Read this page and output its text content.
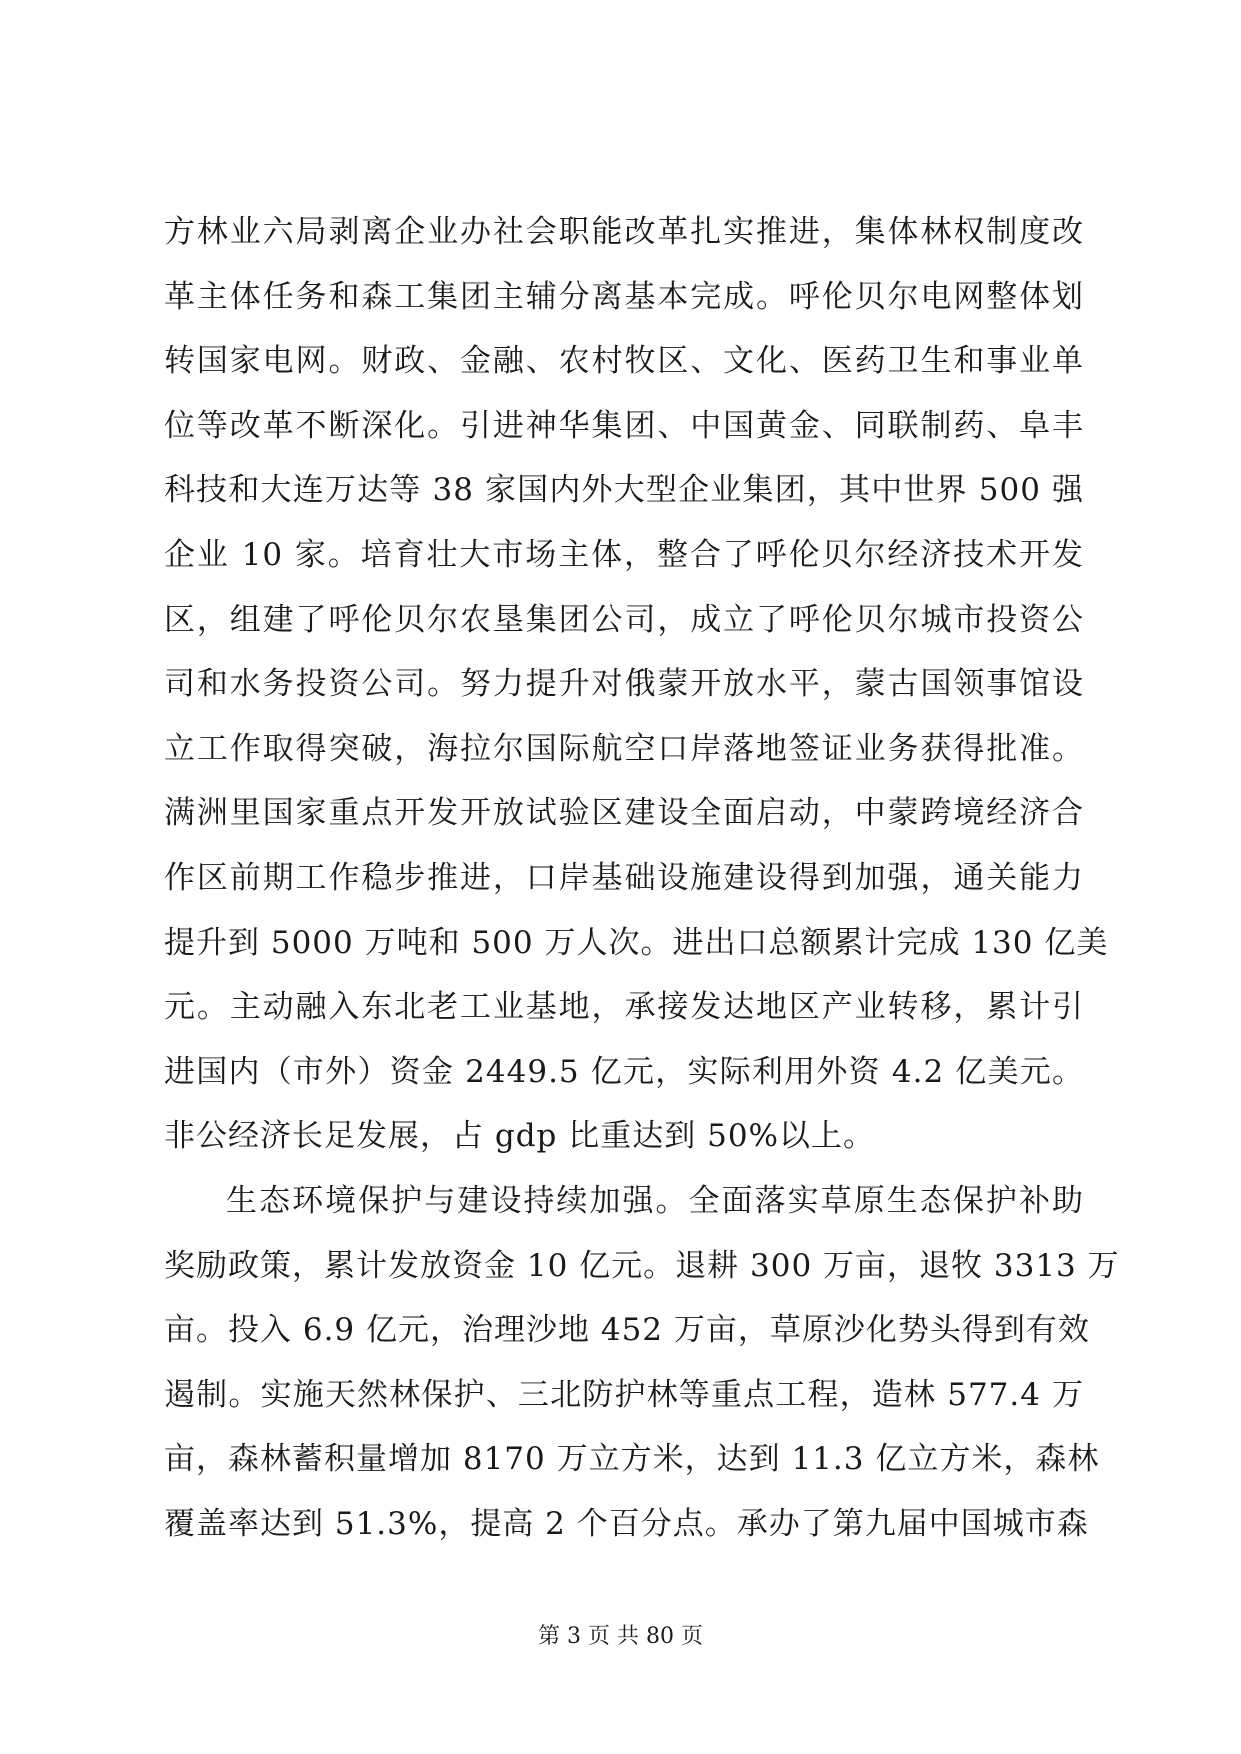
方林业六局剥离企业办社会职能改革扎实推进，集体林权制度改
革主体任务和森工集团主辅分离基本完成。呼伦贝尔电网整体划
转国家电网。财政、金融、农村牧区、文化、医药卫生和事业单
位等改革不断深化。引进神华集团、中国黄金、同联制药、阜丰
科技和大连万达等 38 家国内外大型企业集团，其中世界 500 强
企业 10 家。培育壮大市场主体，整合了呼伦贝尔经济技术开发
区，组建了呼伦贝尔农垦集团公司，成立了呼伦贝尔城市投资公
司和水务投资公司。努力提升对俄蒙开放水平，蒙古国领事馆设
立工作取得突破，海拉尔国际航空口岸落地签证业务获得批准。
满洲里国家重点开发开放试验区建设全面启动，中蒙跨境经济合
作区前期工作稳步推进，口岸基础设施建设得到加强，通关能力
提升到 5000 万吨和 500 万人次。进出口总额累计完成 130 亿美
元。主动融入东北老工业基地，承接发达地区产业转移，累计引
进国内（市外）资金 2449.5 亿元，实际利用外资 4.2 亿美元。
非公经济长足发展，占 gdp 比重达到 50%以上。
生态环境保护与建设持续加强。全面落实草原生态保护补助
奖励政策，累计发放资金 10 亿元。退耕 300 万亩，退牧 3313 万
亩。投入 6.9 亿元，治理沙地 452 万亩，草原沙化势头得到有效
遏制。实施天然林保护、三北防护林等重点工程，造林 577.4 万
亩，森林蓄积量增加 8170 万立方米，达到 11.3 亿立方米，森林
覆盖率达到 51.3%，提高 2 个百分点。承办了第九届中国城市森
第 3 页 共 80 页
